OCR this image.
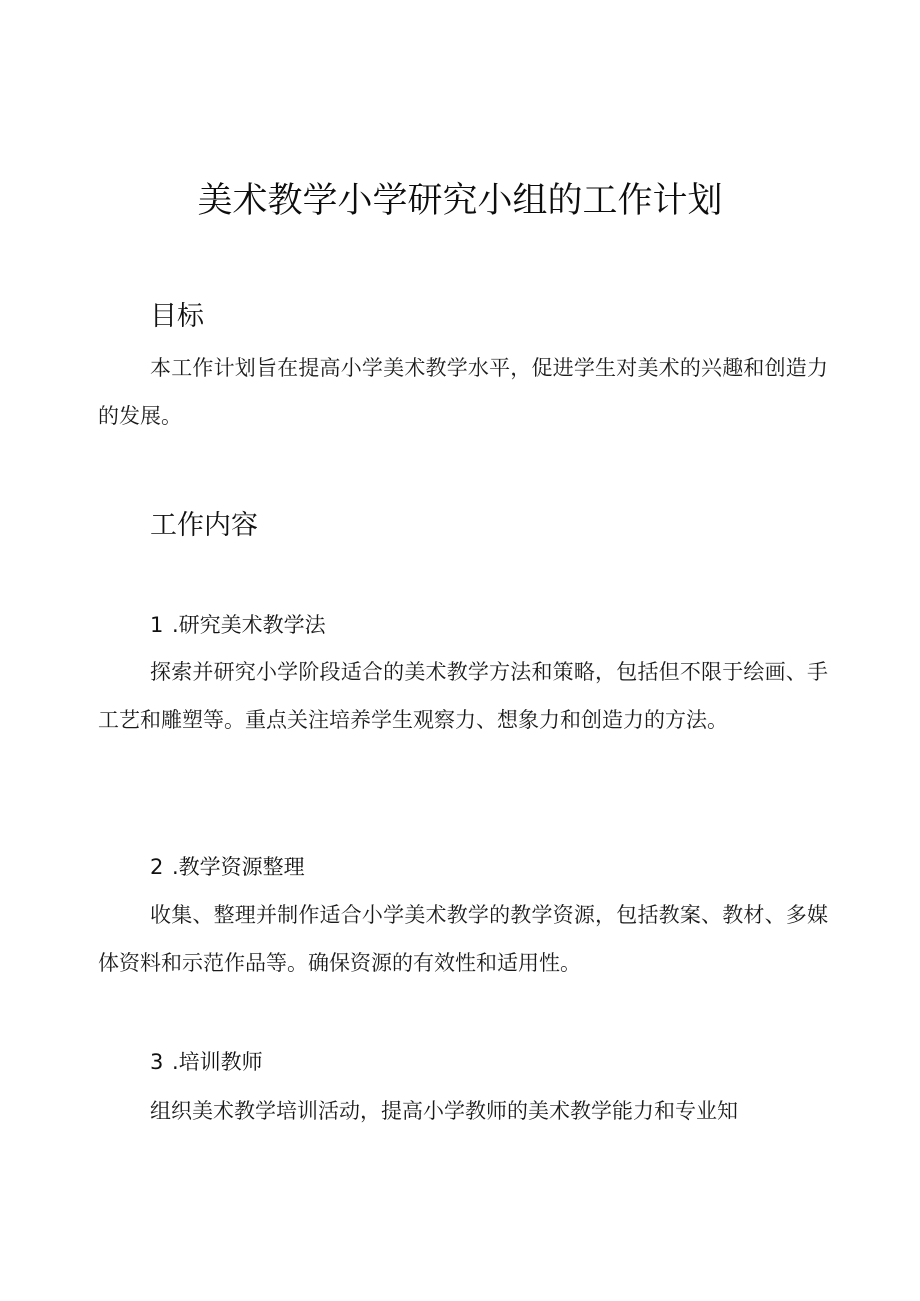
美术教学小学研究小组的工作计划
目标
本工作计划旨在提高小学美术教学水平，促进学生对美术的兴趣和创造力的发展。
工作内容
1 .研究美术教学法
探索并研究小学阶段适合的美术教学方法和策略，包括但不限于绘画、手工艺和雕塑等。重点关注培养学生观察力、想象力和创造力的方法。
2 .教学资源整理
收集、整理并制作适合小学美术教学的教学资源，包括教案、教材、多媒体资料和示范作品等。确保资源的有效性和适用性。
3 .培训教师
组织美术教学培训活动，提高小学教师的美术教学能力和专业知
